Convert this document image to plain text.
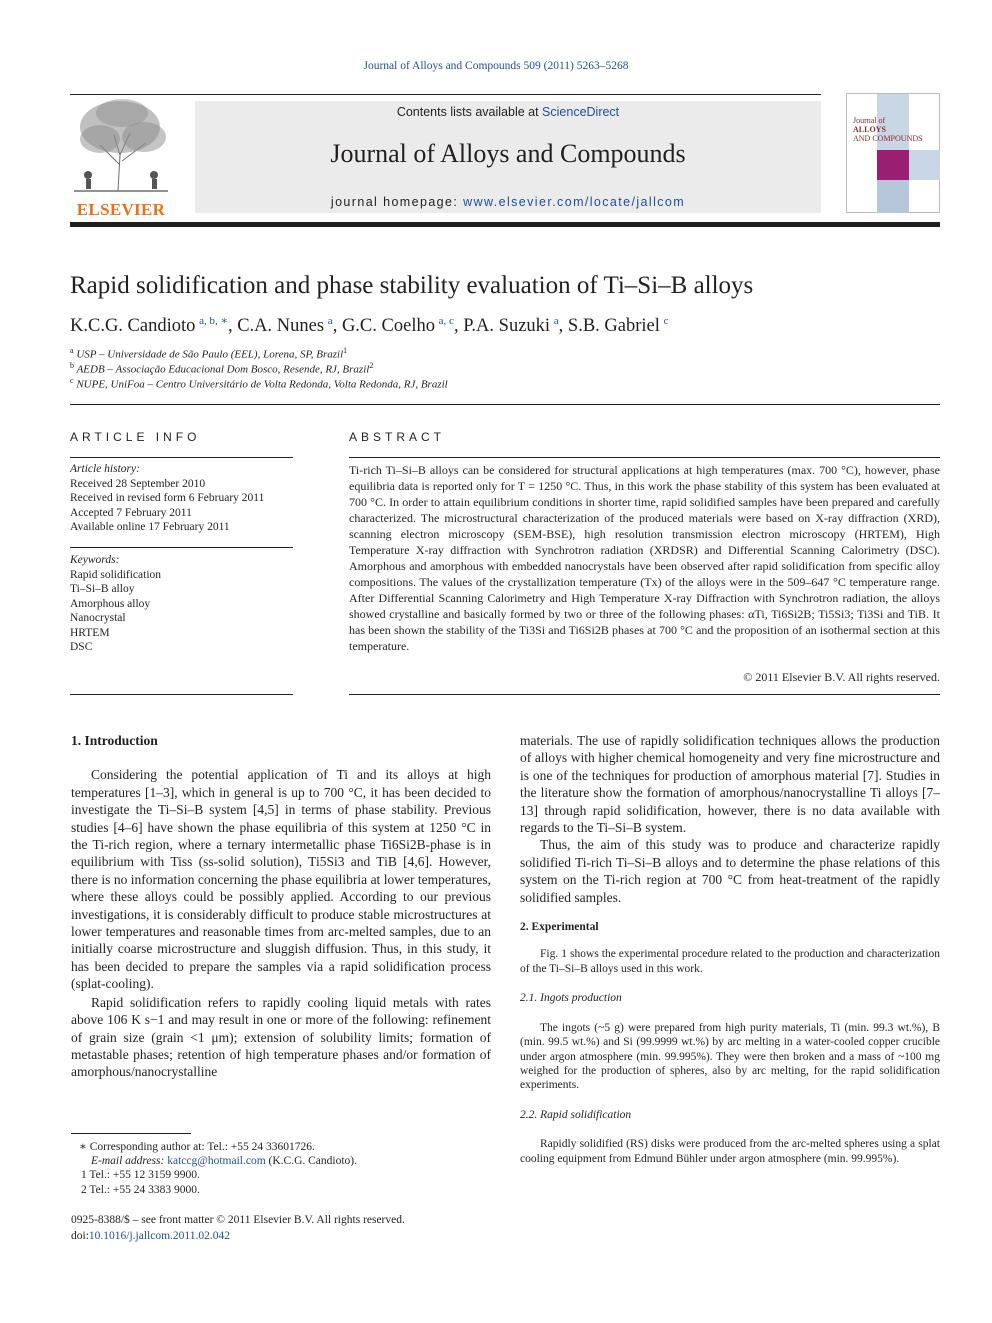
Journal of Alloys and Compounds 509 (2011) 5263–5268
ELSEVIER
Contents lists available at ScienceDirect
Journal of Alloys and Compounds
journal homepage: www.elsevier.com/locate/jallcom
Journal of
ALLOYS
AND COMPOUNDS
Rapid solidification and phase stability evaluation of Ti–Si–B alloys
K.C.G. Candioto  $^{a, b, ∗}$, C.A. Nunes  $^a$, G.C. Coelho  $^{a, c}$, P.A. Suzuki  $^a$, S.B. Gabriel  $^c$
$^a$ USP – Universidade de São Paulo (EEL), Lorena, SP, Brazil$^1$
$^b$ AEDB – Associação Educacional Dom Bosco, Resende, RJ, Brazil$^2$
$^c$ NUPE, UniFoa – Centro Universitário de Volta Redonda, Volta Redonda, RJ, Brazil
ARTICLE INFO
Article history:
Received 28 September 2010
Received in revised form 6 February 2011
Accepted 7 February 2011
Available online 17 February 2011
Keywords:
Rapid solidification
Ti–Si–B alloy
Amorphous alloy
Nanocrystal
HRTEM
DSC
ABSTRACT
Ti-rich Ti–Si–B alloys can be considered for structural applications at high temperatures (max. 700 °C), however, phase equilibria data is reported only for T = 1250 °C. Thus, in this work the phase stability of this system has been evaluated at 700 °C. In order to attain equilibrium conditions in shorter time, rapid solidified samples have been prepared and carefully characterized. The microstructural characterization of the produced materials were based on X-ray diffraction (XRD), scanning electron microscopy (SEM-BSE), high resolution transmission electron microscopy (HRTEM), High Temperature X-ray diffraction with Synchrotron radiation (XRDSR) and Differential Scanning Calorimetry (DSC). Amorphous and amorphous with embedded nanocrystals have been observed after rapid solidification from specific alloy compositions. The values of the crystallization temperature (Tx) of the alloys were in the 509–647 °C temperature range. After Differential Scanning Calorimetry and High Temperature X-ray Diffraction with Synchrotron radiation, the alloys showed crystalline and basically formed by two or three of the following phases: αTi, Ti6Si2B; Ti5Si3; Ti3Si and TiB. It has been shown the stability of the Ti3Si and Ti6Si2B phases at 700 °C and the proposition of an isothermal section at this temperature.
© 2011 Elsevier B.V. All rights reserved.

1. Introduction

Considering the potential application of Ti and its alloys at high temperatures [1–3], which in general is up to 700 °C, it has been decided to investigate the Ti–Si–B system [4,5] in terms of phase stability. Previous studies [4–6] have shown the phase equilibria of this system at 1250 °C in the Ti-rich region, where a ternary intermetallic phase Ti6Si2B-phase is in equilibrium with Tiss (ss-solid solution), Ti5Si3 and TiB [4,6]. However, there is no information concerning the phase equilibria at lower temperatures, where these alloys could be possibly applied. According to our previous investigations, it is considerably difficult to produce stable microstructures at lower temperatures and reasonable times from arc-melted samples, due to an initially coarse microstructure and sluggish diffusion. Thus, in this study, it has been decided to prepare the samples via a rapid solidification process (splat-cooling).

Rapid solidification refers to rapidly cooling liquid metals with rates above 106 K s−1 and may result in one or more of the following: refinement of grain size (grain <1 μm); extension of solubility limits; formation of metastable phases; retention of high temperature phases and/or formation of amorphous/nanocrystalline

materials. The use of rapidly solidification techniques allows the production of alloys with higher chemical homogeneity and very fine microstructure and is one of the techniques for production of amorphous material [7]. Studies in the literature show the formation of amorphous/nanocrystalline Ti alloys [7–13] through rapid solidification, however, there is no data available with regards to the Ti–Si–B system.

Thus, the aim of this study was to produce and characterize rapidly solidified Ti-rich Ti–Si–B alloys and to determine the phase relations of this system on the Ti-rich region at 700 °C from heat-treatment of the rapidly solidified samples.

2. Experimental

Fig. 1 shows the experimental procedure related to the production and characterization of the Ti–Si–B alloys used in this work.

2.1. Ingots production

The ingots (~5 g) were prepared from high purity materials, Ti (min. 99.3 wt.%), B (min. 99.5 wt.%) and Si (99.9999 wt.%) by arc melting in a water-cooled copper crucible under argon atmosphere (min. 99.995%). They were then broken and a mass of ~100 mg weighed for the production of spheres, also by arc melting, for the rapid solidification experiments.

2.2. Rapid solidification

Rapidly solidified (RS) disks were produced from the arc-melted spheres using a splat cooling equipment from Edmund Bühler under argon atmosphere (min. 99.995%).

∗ Corresponding author at: Tel.: +55 24 33601726.
E-mail address: katccg@hotmail.com (K.C.G. Candioto).
1 Tel.: +55 12 3159 9900.
2 Tel.: +55 24 3383 9000.
0925-8388/$ – see front matter © 2011 Elsevier B.V. All rights reserved.
doi:10.1016/j.jallcom.2011.02.042
